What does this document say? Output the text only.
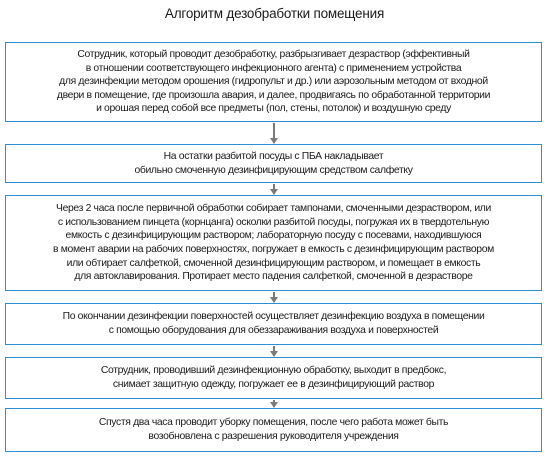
Алгоритм дезобработки помещения
Сотрудник, который проводит дезобработку, разбрызгивает дезраствор (эффективный
в отношении соответствующего инфекционного агента) с применением устройства
для дезинфекции методом орошения (гидропульт и др.) или аэрозольным методом от входной
двери в помещение, где произошла авария, и далее, продвигаясь по обработанной территории
и орошая перед собой все предметы (пол, стены, потолок) и воздушную среду
На остатки разбитой посуды с ПБА накладывает
обильно смоченную дезинфицирующим средством салфетку
Через 2 часа после первичной обработки собирает тампонами, смоченными дезраствором, или
с использованием пинцета (корнцанга) осколки разбитой посуды, погружая их в твердотельную
емкость с дезинфицирующим раствором; лабораторную посуду с посевами, находившуюся
в момент аварии на рабочих поверхностях, погружает в емкость с дезинфицирующим раствором
или обтирает салфеткой, смоченной дезинфицирующим раствором, и помещает в емкость
для автоклавирования. Протирает место падения салфеткой, смоченной в дезрастворе
По окончании дезинфекции поверхностей осуществляет дезинфекцию воздуха в помещении
с помощью оборудования для обеззараживания воздуха и поверхностей
Сотрудник, проводивший дезинфекционную обработку, выходит в предбокс,
снимает защитную одежду, погружает ее в дезинфицирующий раствор
Спустя два часа проводит уборку помещения, после чего работа может быть
возобновлена с разрешения руководителя учреждения
